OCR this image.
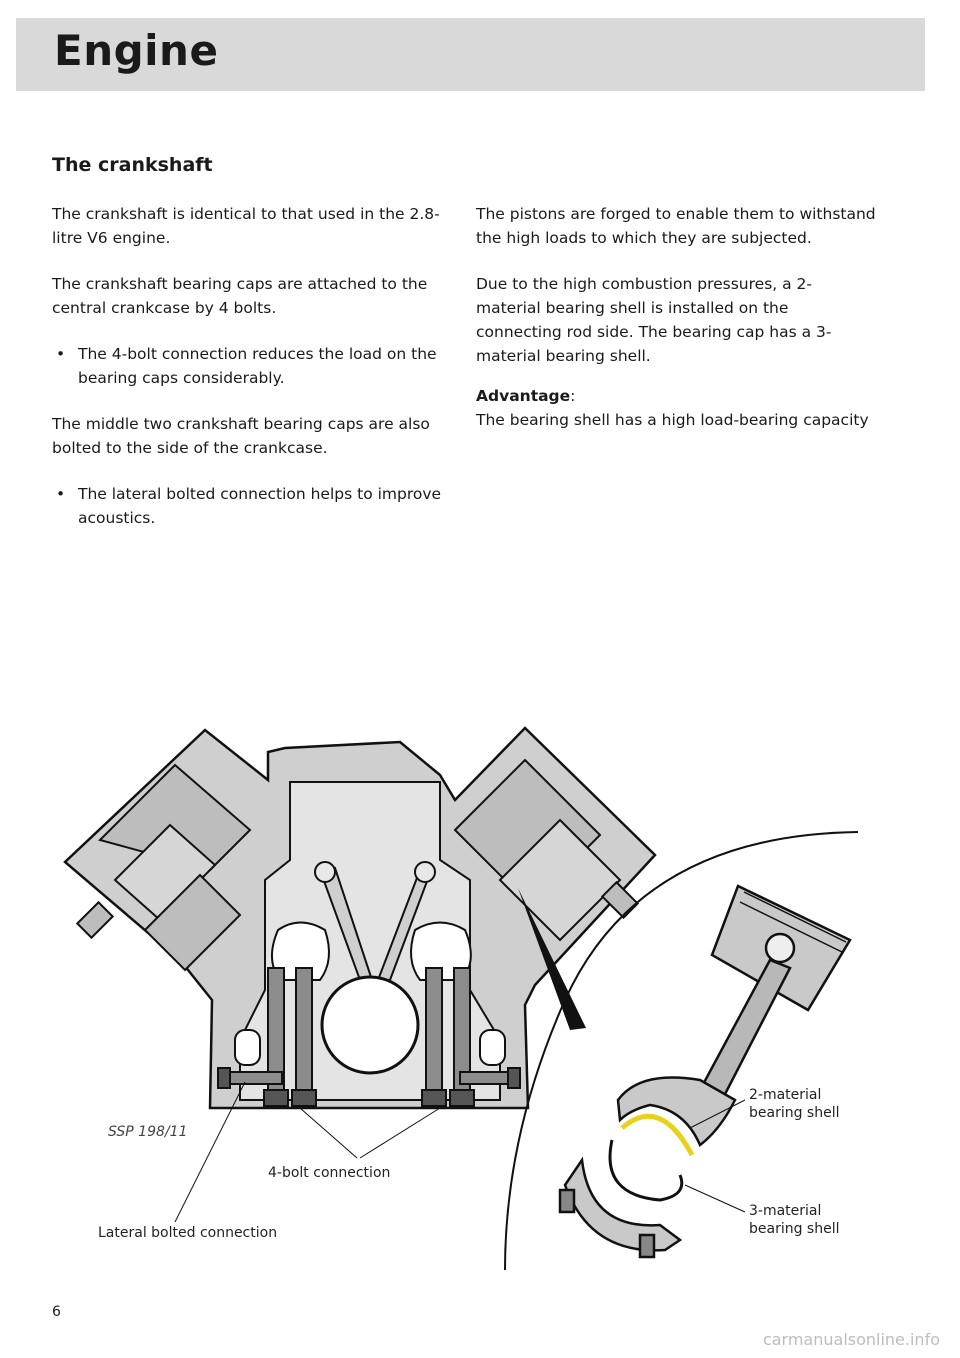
Engine
The crankshaft

The crankshaft is identical to that used in the 2.8-litre V6 engine.

The crankshaft bearing caps are attached to the central crankcase by 4 bolts.

• The 4-bolt connection reduces the load on the bearing caps considerably.

The middle two crankshaft bearing caps are also bolted to the side of the crankcase.

• The lateral bolted connection helps to improve acoustics.

The pistons are forged to enable them to withstand the high loads to which they are subjected.

Due to the high combustion pressures, a 2-material bearing shell is installed on the connecting rod side. The bearing cap has a 3-material bearing shell.

Advantage:
The bearing shell has a high load-bearing capacity

SSP 198/11
4-bolt connection
Lateral bolted connection
2-material
bearing shell
3-material
bearing shell
6
carmanualsonline.info
